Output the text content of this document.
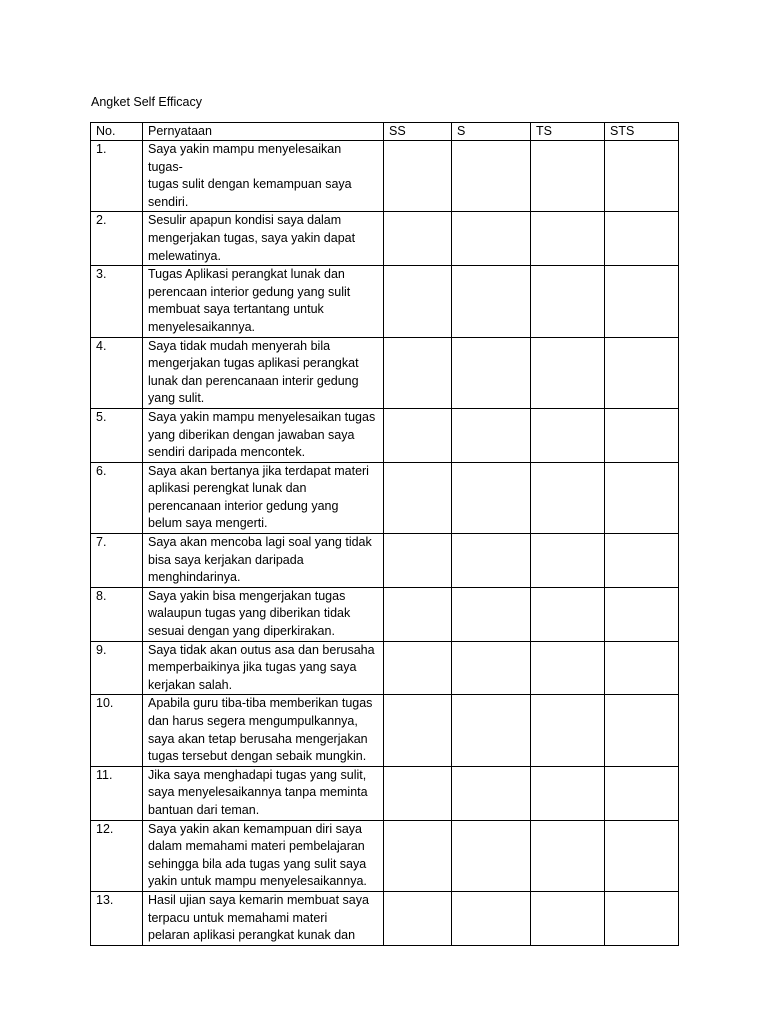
Angket Self Efficacy
No.	Pernyataan	SS	S	TS	STS
1.	Saya yakin mampu menyelesaikan tugas-
tugas sulit dengan kemampuan saya
sendiri.				
2.	Sesulir apapun kondisi saya dalam
mengerjakan tugas, saya yakin dapat
melewatinya.				
3.	Tugas Aplikasi perangkat lunak dan
perencaan interior gedung yang sulit
membuat saya tertantang untuk
menyelesaikannya.				
4.	Saya tidak mudah menyerah bila
mengerjakan tugas aplikasi perangkat
lunak dan perencanaan interir gedung
yang sulit.				
5.	Saya yakin mampu menyelesaikan tugas
yang diberikan dengan jawaban saya
sendiri daripada mencontek.				
6.	Saya akan bertanya jika terdapat materi
aplikasi perengkat lunak dan
perencanaan interior gedung yang
belum saya mengerti.				
7.	Saya akan mencoba lagi soal yang tidak
bisa saya kerjakan daripada
menghindarinya.				
8.	Saya yakin bisa mengerjakan tugas
walaupun tugas yang diberikan tidak
sesuai dengan yang diperkirakan.				
9.	Saya tidak akan outus asa dan berusaha
memperbaikinya jika tugas yang saya
kerjakan salah.				
10.	Apabila guru tiba-tiba memberikan tugas
dan harus segera mengumpulkannya,
saya akan tetap berusaha mengerjakan
tugas tersebut dengan sebaik mungkin.				
11.	Jika saya menghadapi tugas yang sulit,
saya menyelesaikannya tanpa meminta
bantuan dari teman.				
12.	Saya yakin akan kemampuan diri saya
dalam memahami materi pembelajaran
sehingga bila ada tugas yang sulit saya
yakin untuk mampu menyelesaikannya.				
13.	Hasil ujian saya kemarin membuat saya
terpacu untuk memahami materi
pelaran aplikasi perangkat kunak dan				
